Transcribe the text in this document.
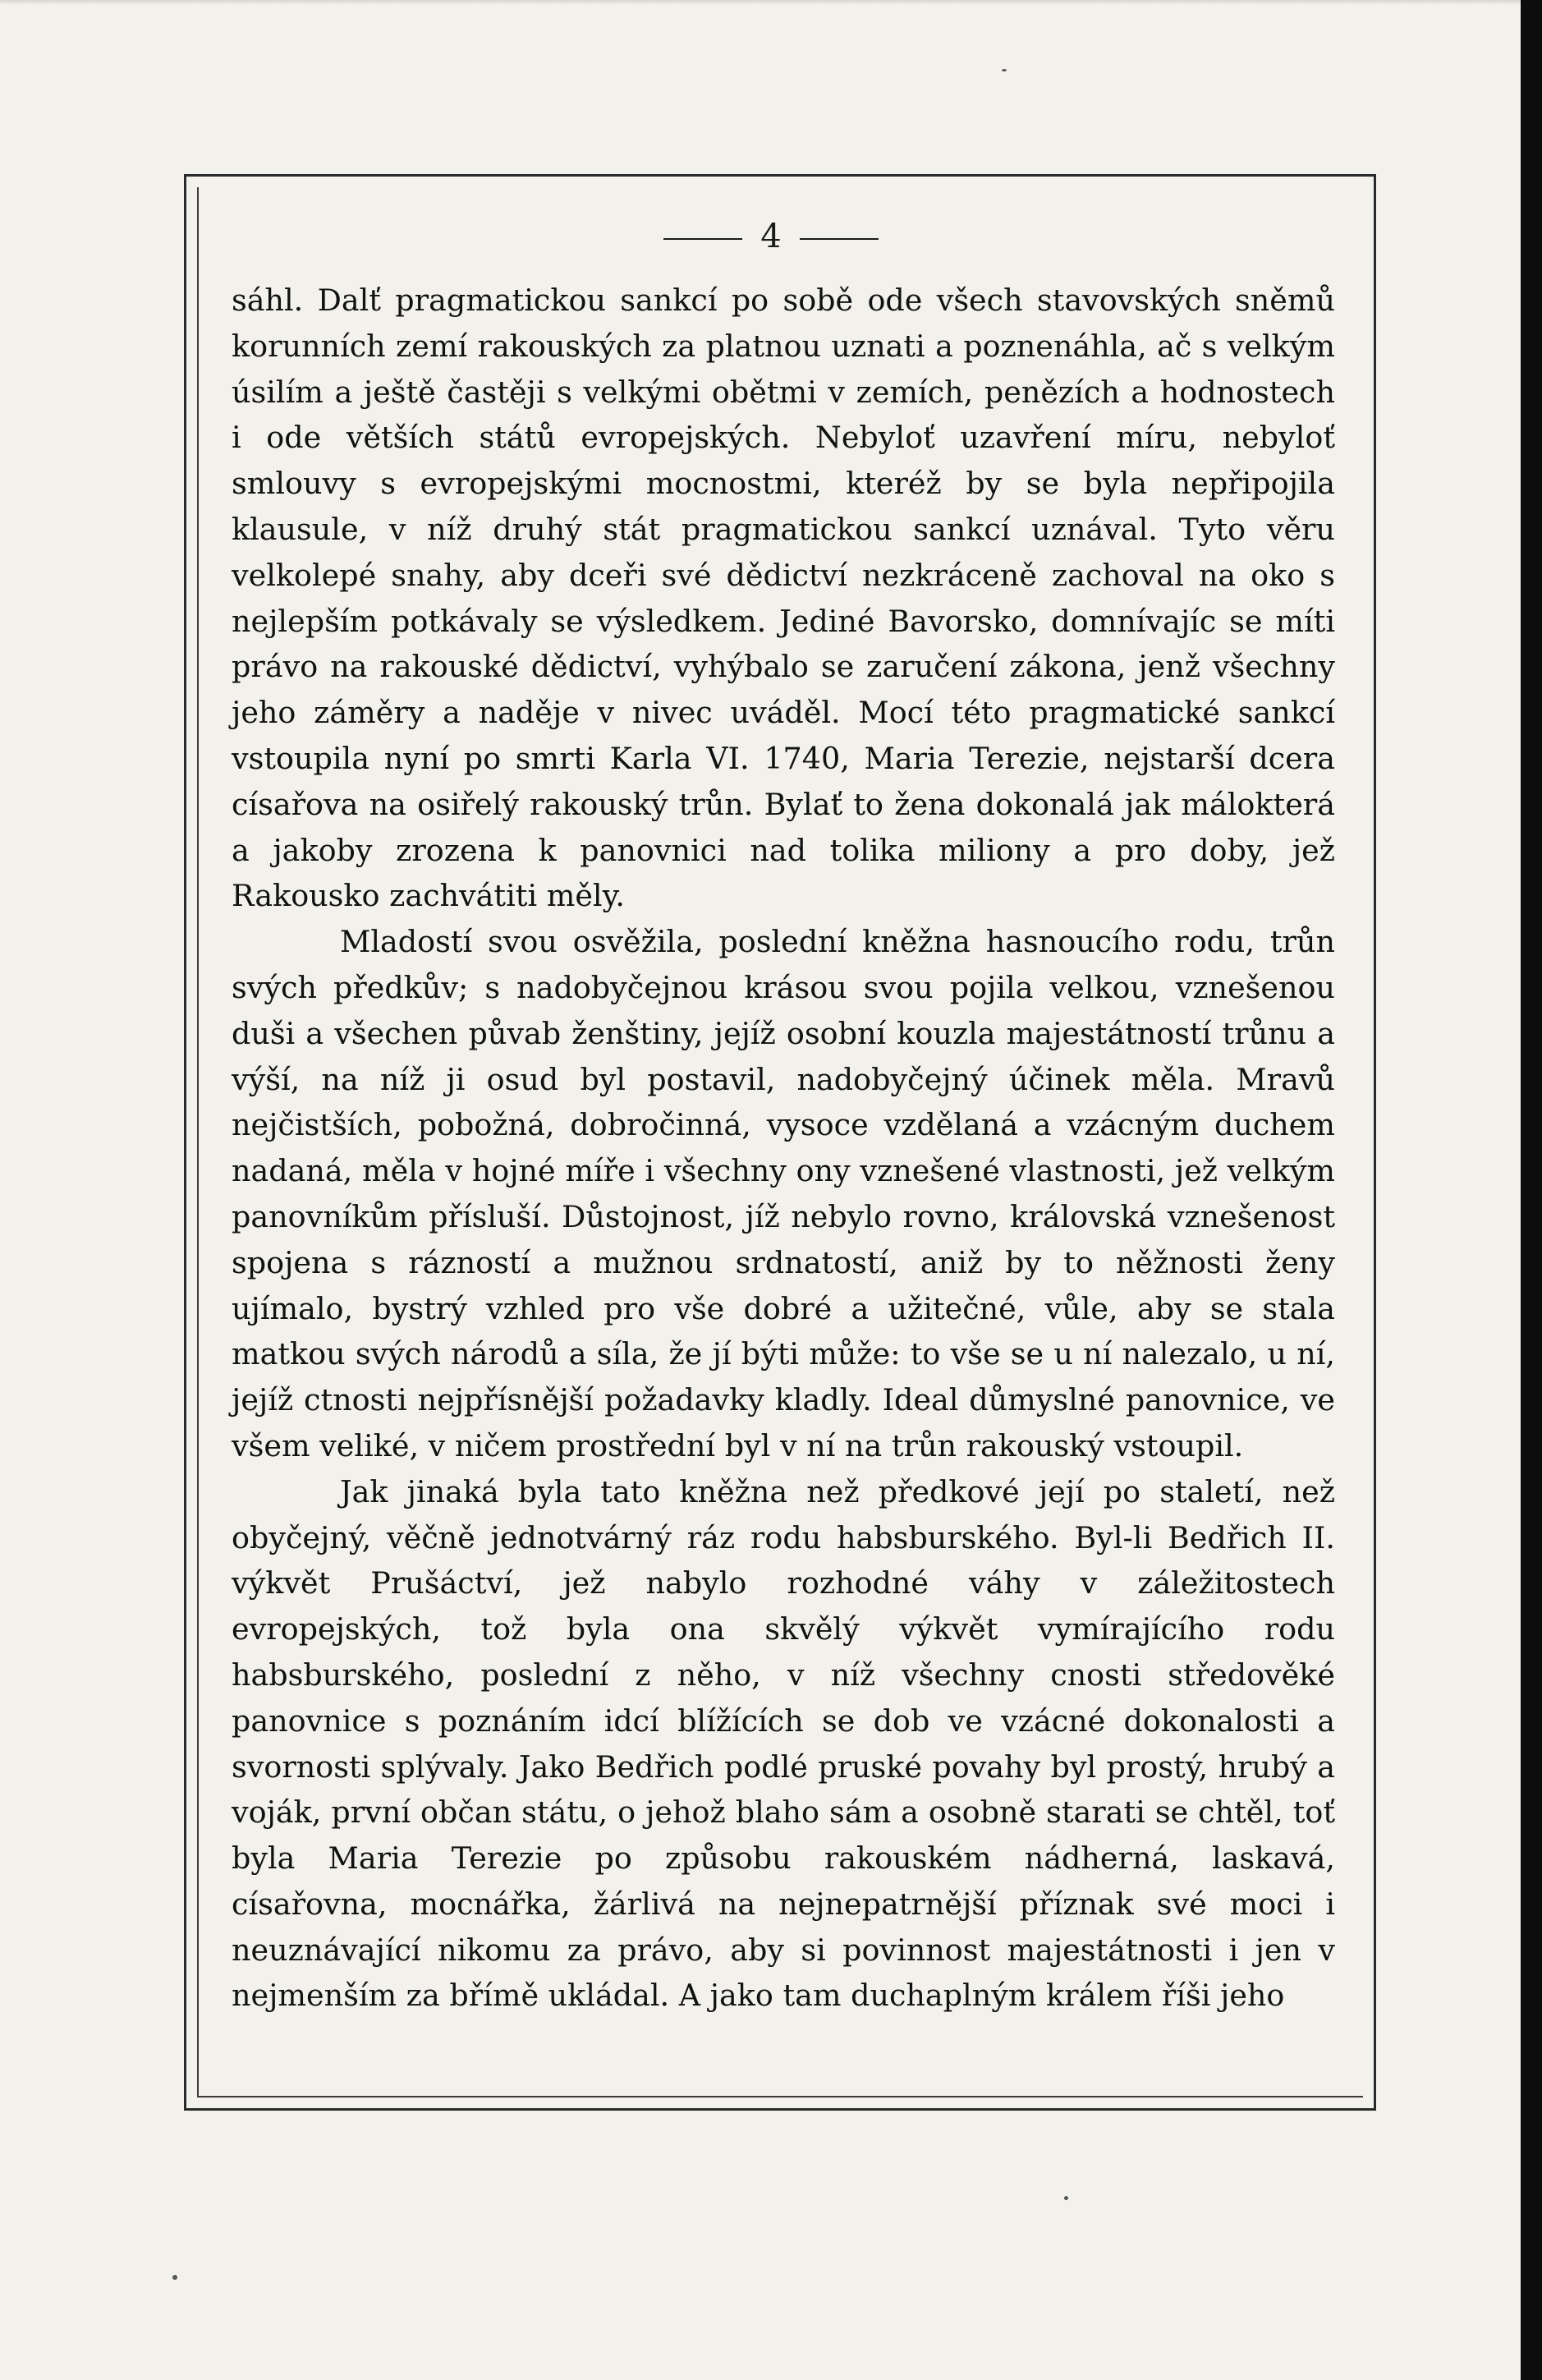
4

sáhl. Dalť pragmatickou sankcí po sobě ode všech stavovských sněmů korunních zemí rakouských za platnou uznati a poznenáhla, ač s velkým úsilím a ještě častěji s velkými obětmi v zemích, penězích a hodnostech i ode větších států evropejských. Nebyloť uzavření míru, nebyloť smlouvy s evropejskými mocnostmi, kteréž by se byla nepřipojila klausule, v níž druhý stát pragmatickou sankcí uznával. Tyto věru velkolepé snahy, aby dceři své dědictví nezkráceně zachoval na oko s nejlepším potkávaly se výsledkem. Jediné Bavorsko, domnívajíc se míti právo na rakouské dědictví, vyhýbalo se zaručení zákona, jenž všechny jeho záměry a naděje v nivec uváděl. Mocí této pragmatické sankcí vstoupila nyní po smrti Karla VI. 1740, Maria Terezie, nejstarší dcera císařova na osiřelý rakouský trůn. Bylať to žena dokonalá jak málokterá a jakoby zrozena k panovnici nad tolika miliony a pro doby, jež Rakousko zachvátiti měly.

Mladostí svou osvěžila, poslední kněžna hasnoucího rodu, trůn svých předkův; s nadobyčejnou krásou svou pojila velkou, vznešenou duši a všechen půvab ženštiny, jejíž osobní kouzla majestátností trůnu a výší, na níž ji osud byl postavil, nadobyčejný účinek měla. Mravů nejčistších, pobožná, dobročinná, vysoce vzdělaná a vzácným duchem nadaná, měla v hojné míře i všechny ony vznešené vlastnosti, jež velkým panovníkům přísluší. Důstojnost, jíž nebylo rovno, královská vznešenost spojena s rázností a mužnou srdnatostí, aniž by to něžnosti ženy ujímalo, bystrý vzhled pro vše dobré a užitečné, vůle, aby se stala matkou svých národů a síla, že jí býti může: to vše se u ní nalezalo, u ní, jejíž ctnosti nejpřísnější požadavky kladly. Ideal důmyslné panovnice, ve všem veliké, v ničem prostřední byl v ní na trůn rakouský vstoupil.

Jak jinaká byla tato kněžna než předkové její po staletí, než obyčejný, věčně jednotvárný ráz rodu habsburského. Byl-li Bedřich II. výkvět Prušáctví, jež nabylo rozhodné váhy v záležitostech evropejských, tož byla ona skvělý výkvět vymírajícího rodu habsburského, poslední z něho, v níž všechny cnosti středověké panovnice s poznáním idcí blížících se dob ve vzácné dokonalosti a svornosti splývaly. Jako Bedřich podlé pruské povahy byl prostý, hrubý a voják, první občan státu, o jehož blaho sám a osobně starati se chtěl, toť byla Maria Terezie po způsobu rakouském nádherná, laskavá, císařovna, mocnářka, žárlivá na nejnepatrnější příznak své moci i neuznávající nikomu za právo, aby si povinnost majestátnosti i jen v nejmenším za břímě ukládal. A jako tam duchaplným králem říši jeho
